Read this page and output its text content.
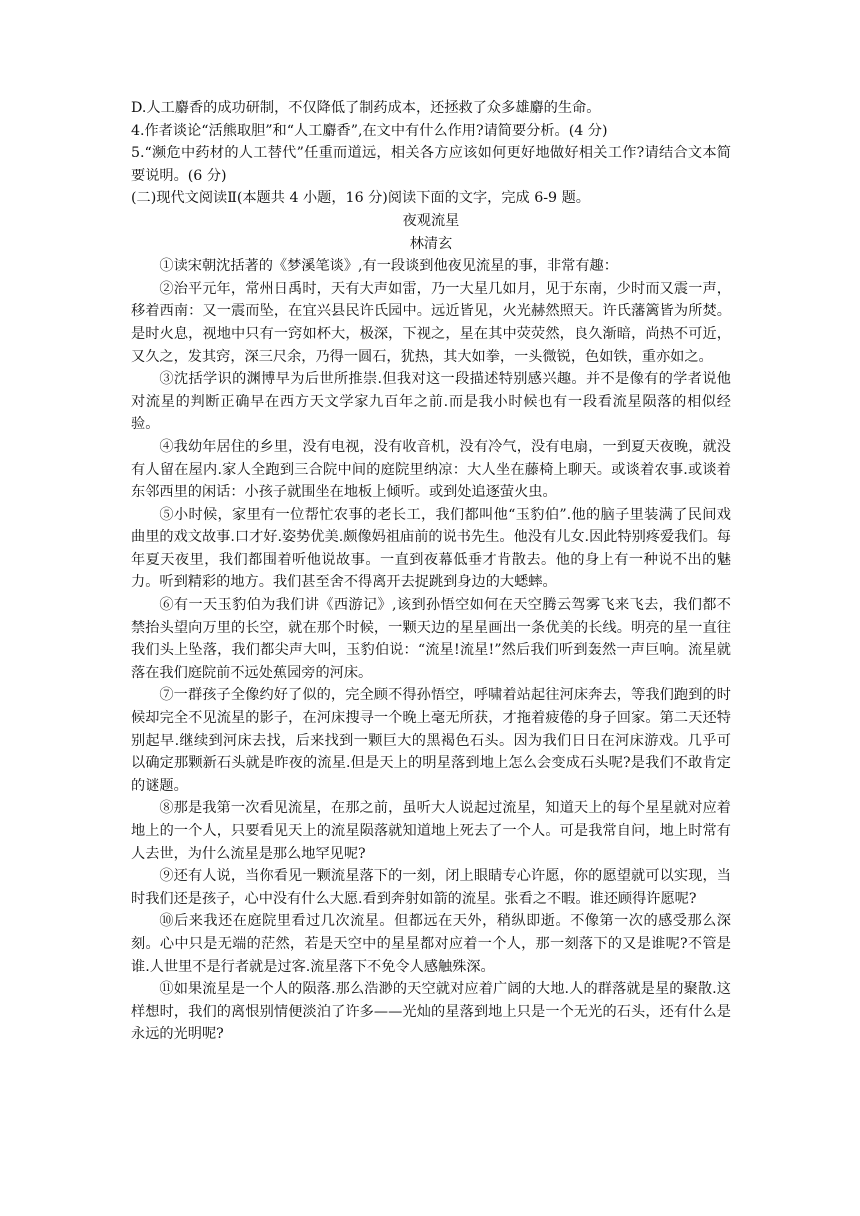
D.人工麝香的成功研制，不仅降低了制药成本，还拯救了众多雄麝的生命。

4.作者谈论“活熊取胆”和“人工麝香”,在文中有什么作用?请简要分析。(4 分)

5.“濒危中药材的人工替代”任重而道远，相关各方应该如何更好地做好相关工作?请结合文本简要说明。(6 分)

(二)现代文阅读Ⅱ(本题共 4 小题，16 分)阅读下面的文字，完成 6-9 题。

夜观流星

林清玄

①读宋朝沈括著的《梦溪笔谈》,有一段谈到他夜见流星的事，非常有趣：

②治平元年，常州日禹时，天有大声如雷，乃一大星几如月，见于东南，少时而又震一声，移着西南：又一震而坠，在宜兴县民许氏园中。远近皆见，火光赫然照天。许氏藩篱皆为所焚。是时火息，视地中只有一窍如杯大，极深，下视之，星在其中荧荧然，良久渐暗，尚热不可近，又久之，发其窍，深三尺余，乃得一圆石，犹热，其大如拳，一头微锐，色如铁，重亦如之。

③沈括学识的渊博早为后世所推崇.但我对这一段描述特别感兴趣。并不是像有的学者说他对流星的判断正确早在西方天文学家九百年之前.而是我小时候也有一段看流星陨落的相似经验。

④我幼年居住的乡里，没有电视，没有收音机，没有冷气，没有电扇，一到夏天夜晚，就没有人留在屋内.家人全跑到三合院中间的庭院里纳凉：大人坐在藤椅上聊天。或谈着农事.或谈着东邻西里的闲话：小孩子就围坐在地板上倾听。或到处追逐萤火虫。

⑤小时候，家里有一位帮忙农事的老长工，我们都叫他“玉豹伯”.他的脑子里装满了民间戏曲里的戏文故事.口才好.姿势优美.颇像妈祖庙前的说书先生。他没有儿女.因此特别疼爱我们。每年夏天夜里，我们都围着听他说故事。一直到夜幕低垂才肯散去。他的身上有一种说不出的魅力。听到精彩的地方。我们甚至舍不得离开去捉跳到身边的大蟋蟀。

⑥有一天玉豹伯为我们讲《西游记》,该到孙悟空如何在天空腾云驾雾飞来飞去，我们都不禁抬头望向万里的长空，就在那个时候，一颗天边的星星画出一条优美的长线。明亮的星一直往我们头上坠落，我们都尖声大叫，玉豹伯说：“流星!流星!”然后我们听到轰然一声巨响。流星就落在我们庭院前不远处蕉园旁的河床。

⑦一群孩子全像约好了似的，完全顾不得孙悟空，呼啸着站起往河床奔去，等我们跑到的时候却完全不见流星的影子，在河床搜寻一个晚上毫无所获，才拖着疲倦的身子回家。第二天还特别起早.继续到河床去找，后来找到一颗巨大的黑褐色石头。因为我们日日在河床游戏。几乎可以确定那颗新石头就是昨夜的流星.但是天上的明星落到地上怎么会变成石头呢?是我们不敢肯定的谜题。

⑧那是我第一次看见流星，在那之前，虽听大人说起过流星，知道天上的每个星星就对应着地上的一个人，只要看见天上的流星陨落就知道地上死去了一个人。可是我常自问，地上时常有人去世，为什么流星是那么地罕见呢?

⑨还有人说，当你看见一颗流星落下的一刻，闭上眼睛专心许愿，你的愿望就可以实现，当时我们还是孩子，心中没有什么大愿.看到奔射如箭的流星。张看之不暇。谁还顾得许愿呢?

⑩后来我还在庭院里看过几次流星。但都远在天外，稍纵即逝。不像第一次的感受那么深刻。心中只是无端的茫然，若是天空中的星星都对应着一个人，那一刻落下的又是谁呢?不管是谁.人世里不是行者就是过客.流星落下不免令人感触殊深。

⑪如果流星是一个人的陨落.那么浩渺的天空就对应着广阔的大地.人的群落就是星的聚散.这样想时，我们的离恨别情便淡泊了许多——光灿的星落到地上只是一个无光的石头，还有什么是永远的光明呢?
